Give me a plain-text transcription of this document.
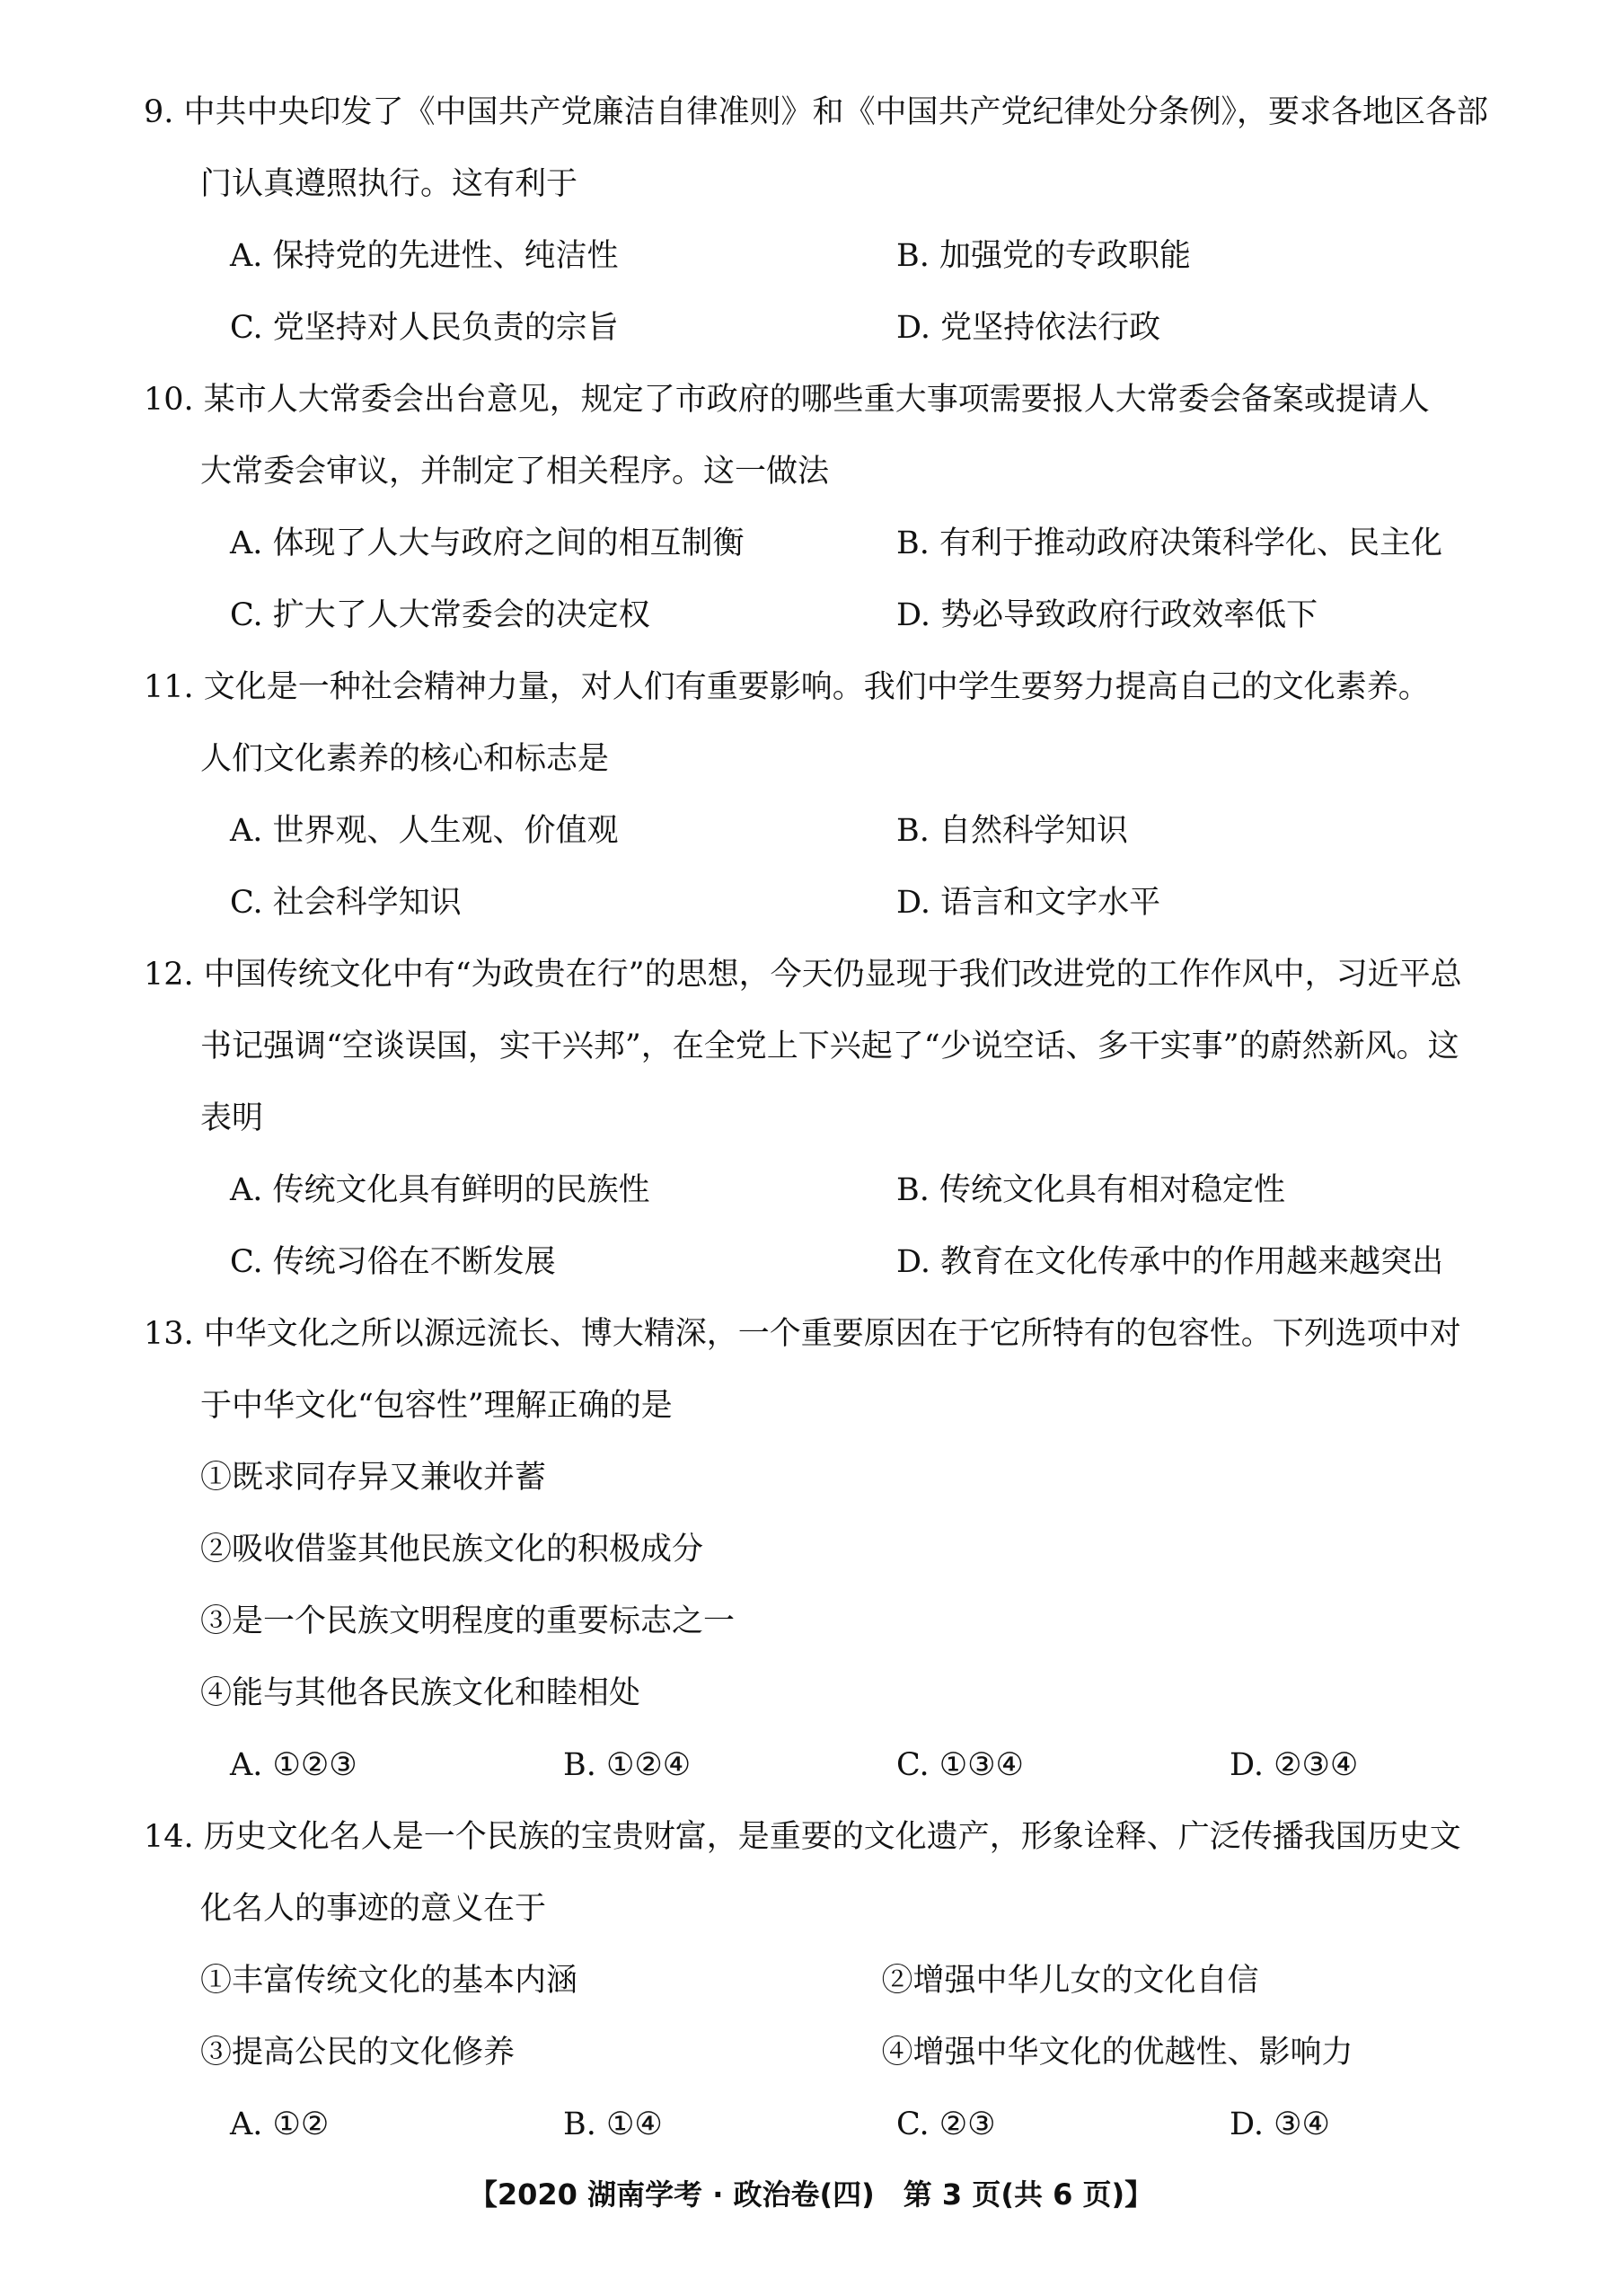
9. 中共中央印发了《中国共产党廉洁自律准则》和《中国共产党纪律处分条例》，要求各地区各部
门认真遵照执行。这有利于

A. 保持党的先进性、纯洁性	B. 加强党的专政职能
C. 党坚持对人民负责的宗旨	D. 党坚持依法行政

10. 某市人大常委会出台意见，规定了市政府的哪些重大事项需要报人大常委会备案或提请人
大常委会审议，并制定了相关程序。这一做法

A. 体现了人大与政府之间的相互制衡	B. 有利于推动政府决策科学化、民主化
C. 扩大了人大常委会的决定权	D. 势必导致政府行政效率低下

11. 文化是一种社会精神力量，对人们有重要影响。我们中学生要努力提高自己的文化素养。
人们文化素养的核心和标志是

A. 世界观、人生观、价值观	B. 自然科学知识
C. 社会科学知识	D. 语言和文字水平

12. 中国传统文化中有“为政贵在行”的思想，今天仍显现于我们改进党的工作作风中，习近平总
书记强调“空谈误国，实干兴邦”，在全党上下兴起了“少说空话、多干实事”的蔚然新风。这
表明

A. 传统文化具有鲜明的民族性	B. 传统文化具有相对稳定性
C. 传统习俗在不断发展	D. 教育在文化传承中的作用越来越突出

13. 中华文化之所以源远流长、博大精深，一个重要原因在于它所特有的包容性。下列选项中对
于中华文化“包容性”理解正确的是

①既求同存异又兼收并蓄
②吸收借鉴其他民族文化的积极成分
③是一个民族文明程度的重要标志之一
④能与其他各民族文化和睦相处
A. ①②③	B. ①②④	C. ①③④	D. ②③④

14. 历史文化名人是一个民族的宝贵财富，是重要的文化遗产，形象诠释、广泛传播我国历史文
化名人的事迹的意义在于

①丰富传统文化的基本内涵	②增强中华儿女的文化自信
③提高公民的文化修养	④增强中华文化的优越性、影响力
A. ①②	B. ①④	C. ②③	D. ③④
【2020 湖南学考 · 政治卷(四)　第 3 页(共 6 页)】
